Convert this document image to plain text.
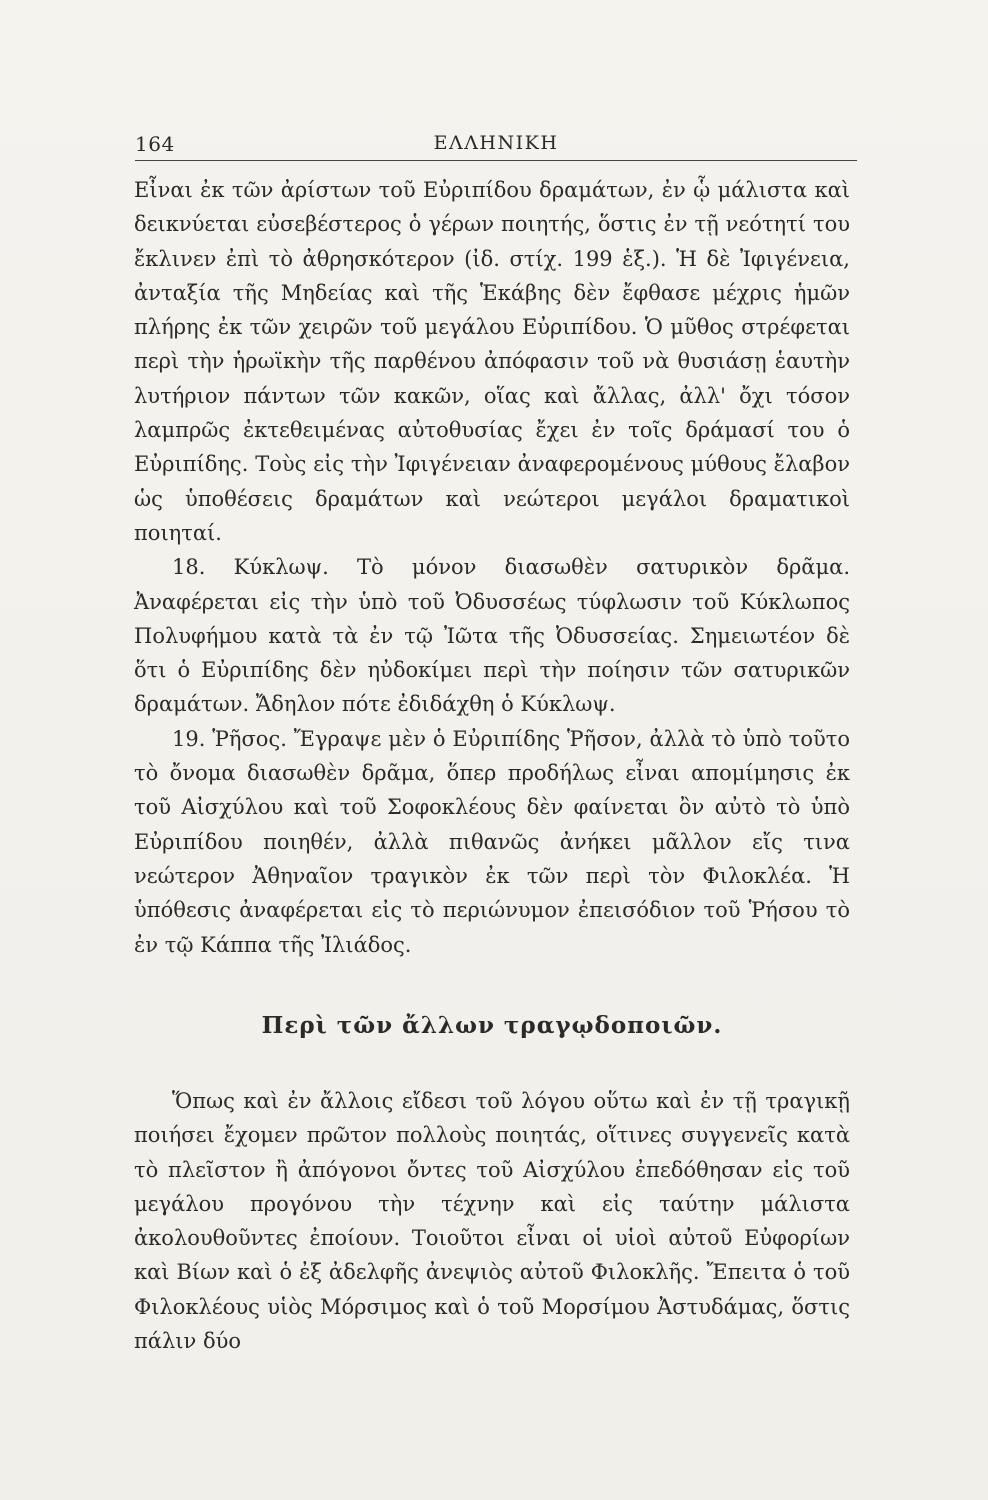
164	ΕΛΛΗΝΙΚΗ

Εἶναι ἐκ τῶν ἀρίστων τοῦ Εὐριπίδου δραμάτων, ἐν ᾧ μάλιστα καὶ δεικνύεται εὐσεβέστερος ὁ γέρων ποιητής, ὅστις ἐν τῇ νεότητί του ἔκλινεν ἐπὶ τὸ ἀθρησκότερον (ἰδ. στίχ. 199 ἑξ.). Ἡ δὲ Ἰφιγένεια, ἀνταξία τῆς Μηδείας καὶ τῆς Ἑκάβης δὲν ἔφθασε μέχρις ἡμῶν πλήρης ἐκ τῶν χειρῶν τοῦ μεγάλου Εὐριπίδου. Ὁ μῦθος στρέφεται περὶ τὴν ἡρωϊκὴν τῆς παρθένου ἀπόφασιν τοῦ νὰ θυσιάσῃ ἑαυτὴν λυτήριον πάντων τῶν κακῶν, οἵας καὶ ἄλλας, ἀλλ' ὄχι τόσον λαμπρῶς ἐκτεθειμένας αὐτοθυσίας ἔχει ἐν τοῖς δράμασί του ὁ Εὐριπίδης. Τοὺς εἰς τὴν Ἰφιγένειαν ἀναφερομένους μύθους ἔλαβον ὡς ὑποθέσεις δραμάτων καὶ νεώτεροι μεγάλοι δραματικοὶ ποιηταί.

18. Κύκλωψ. Τὸ μόνον διασωθὲν σατυρικὸν δρᾶμα. Ἀναφέρεται εἰς τὴν ὑπὸ τοῦ Ὀδυσσέως τύφλωσιν τοῦ Κύκλωπος Πολυφήμου κατὰ τὰ ἐν τῷ Ἰῶτα τῆς Ὀδυσσείας. Σημειωτέον δὲ ὅτι ὁ Εὐριπίδης δὲν ηὐδοκίμει περὶ τὴν ποίησιν τῶν σατυρικῶν δραμάτων. Ἄδηλον πότε ἐδιδάχθη ὁ Κύκλωψ.

19. Ῥῆσος. Ἔγραψε μὲν ὁ Εὐριπίδης Ῥῆσον, ἀλλὰ τὸ ὑπὸ τοῦτο τὸ ὄνομα διασωθὲν δρᾶμα, ὅπερ προδήλως εἶναι απομίμησις ἐκ τοῦ Αἰσχύλου καὶ τοῦ Σοφοκλέους δὲν φαίνεται ὂν αὐτὸ τὸ ὑπὸ Εὐριπίδου ποιηθέν, ἀλλὰ πιθανῶς ἀνήκει μᾶλλον εἴς τινα νεώτερον Ἀθηναῖον τραγικὸν ἐκ τῶν περὶ τὸν Φιλοκλέα. Ἡ ὑπόθεσις ἀναφέρεται εἰς τὸ περιώνυμον ἐπεισόδιον τοῦ Ῥήσου τὸ ἐν τῷ Κάππα τῆς Ἰλιάδος.

Περὶ τῶν ἄλλων τραγῳδοποιῶν.

Ὅπως καὶ ἐν ἄλλοις εἴδεσι τοῦ λόγου οὕτω καὶ ἐν τῇ τραγικῇ ποιήσει ἔχομεν πρῶτον πολλοὺς ποιητάς, οἵτινες συγγενεῖς κατὰ τὸ πλεῖστον ἢ ἀπόγονοι ὄντες τοῦ Αἰσχύλου ἐπεδόθησαν εἰς τοῦ μεγάλου προγόνου τὴν τέχνην καὶ εἰς ταύτην μάλιστα ἀκολουθοῦντες ἐποίουν. Τοιοῦτοι εἶναι οἱ υἱοὶ αὐτοῦ Εὐφορίων καὶ Βίων καὶ ὁ ἐξ ἀδελφῆς ἀνεψιὸς αὐτοῦ Φιλοκλῆς. Ἔπειτα ὁ τοῦ Φιλοκλέους υἱὸς Μόρσιμος καὶ ὁ τοῦ Μορσίμου Ἀστυδάμας, ὅστις πάλιν δύο
